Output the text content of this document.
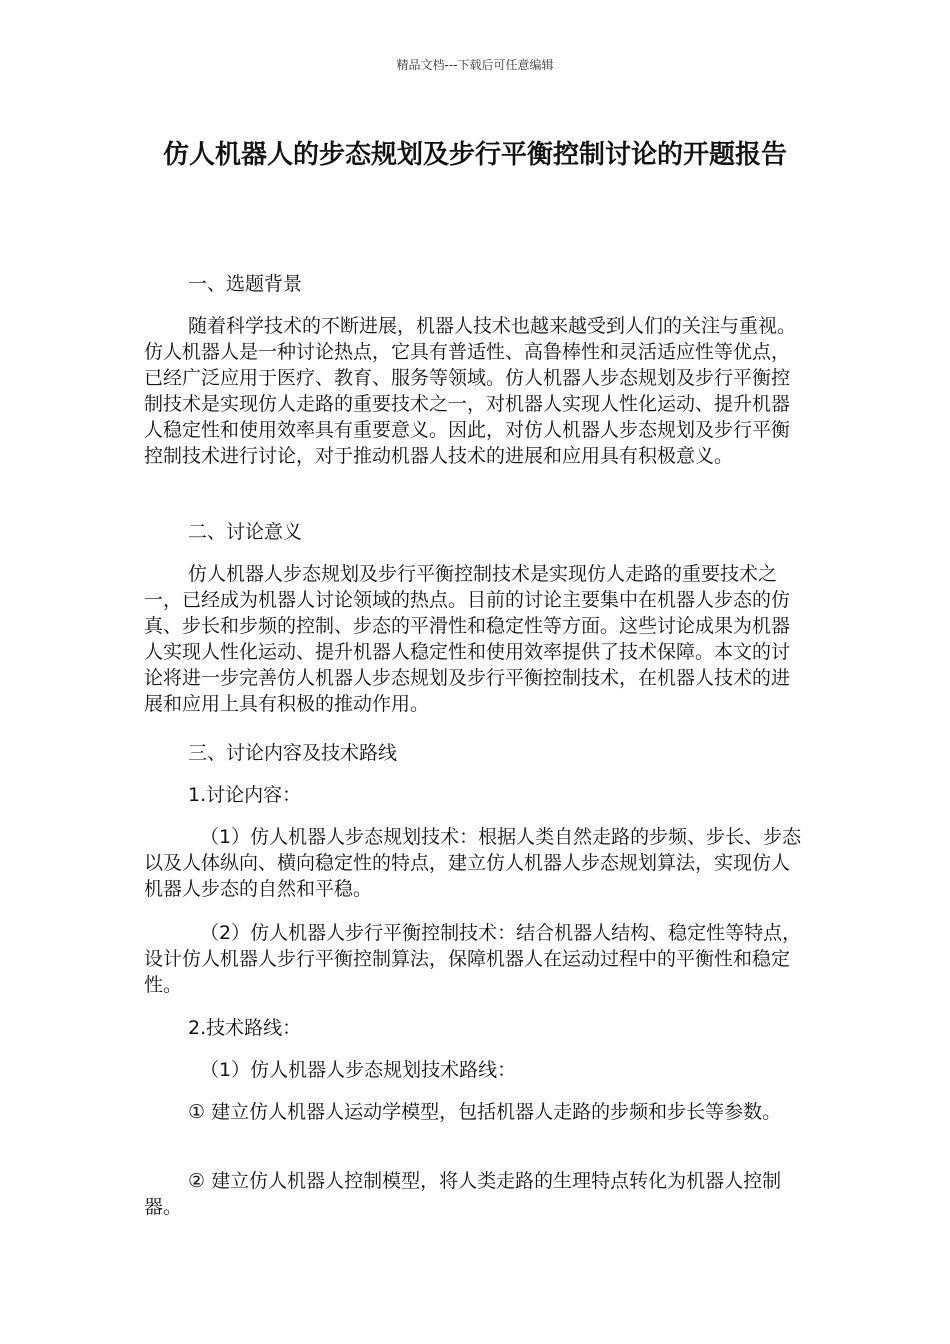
精品文档---下载后可任意编辑
仿人机器人的步态规划及步行平衡控制讨论的开题报告

一、选题背景

随着科学技术的不断进展，机器人技术也越来越受到人们的关注与重视。仿人机器人是一种讨论热点，它具有普适性、高鲁棒性和灵活适应性等优点，已经广泛应用于医疗、教育、服务等领域。仿人机器人步态规划及步行平衡控制技术是实现仿人走路的重要技术之一，对机器人实现人性化运动、提升机器人稳定性和使用效率具有重要意义。因此，对仿人机器人步态规划及步行平衡控制技术进行讨论，对于推动机器人技术的进展和应用具有积极意义。

二、讨论意义

仿人机器人步态规划及步行平衡控制技术是实现仿人走路的重要技术之一，已经成为机器人讨论领域的热点。目前的讨论主要集中在机器人步态的仿真、步长和步频的控制、步态的平滑性和稳定性等方面。这些讨论成果为机器人实现人性化运动、提升机器人稳定性和使用效率提供了技术保障。本文的讨论将进一步完善仿人机器人步态规划及步行平衡控制技术，在机器人技术的进展和应用上具有积极的推动作用。

三、讨论内容及技术路线

1.讨论内容：

（1）仿人机器人步态规划技术：根据人类自然走路的步频、步长、步态以及人体纵向、横向稳定性的特点，建立仿人机器人步态规划算法，实现仿人机器人步态的自然和平稳。

（2）仿人机器人步行平衡控制技术：结合机器人结构、稳定性等特点，设计仿人机器人步行平衡控制算法，保障机器人在运动过程中的平衡性和稳定性。

2.技术路线：

（1）仿人机器人步态规划技术路线：

① 建立仿人机器人运动学模型，包括机器人走路的步频和步长等参数。

② 建立仿人机器人控制模型，将人类走路的生理特点转化为机器人控制器。
